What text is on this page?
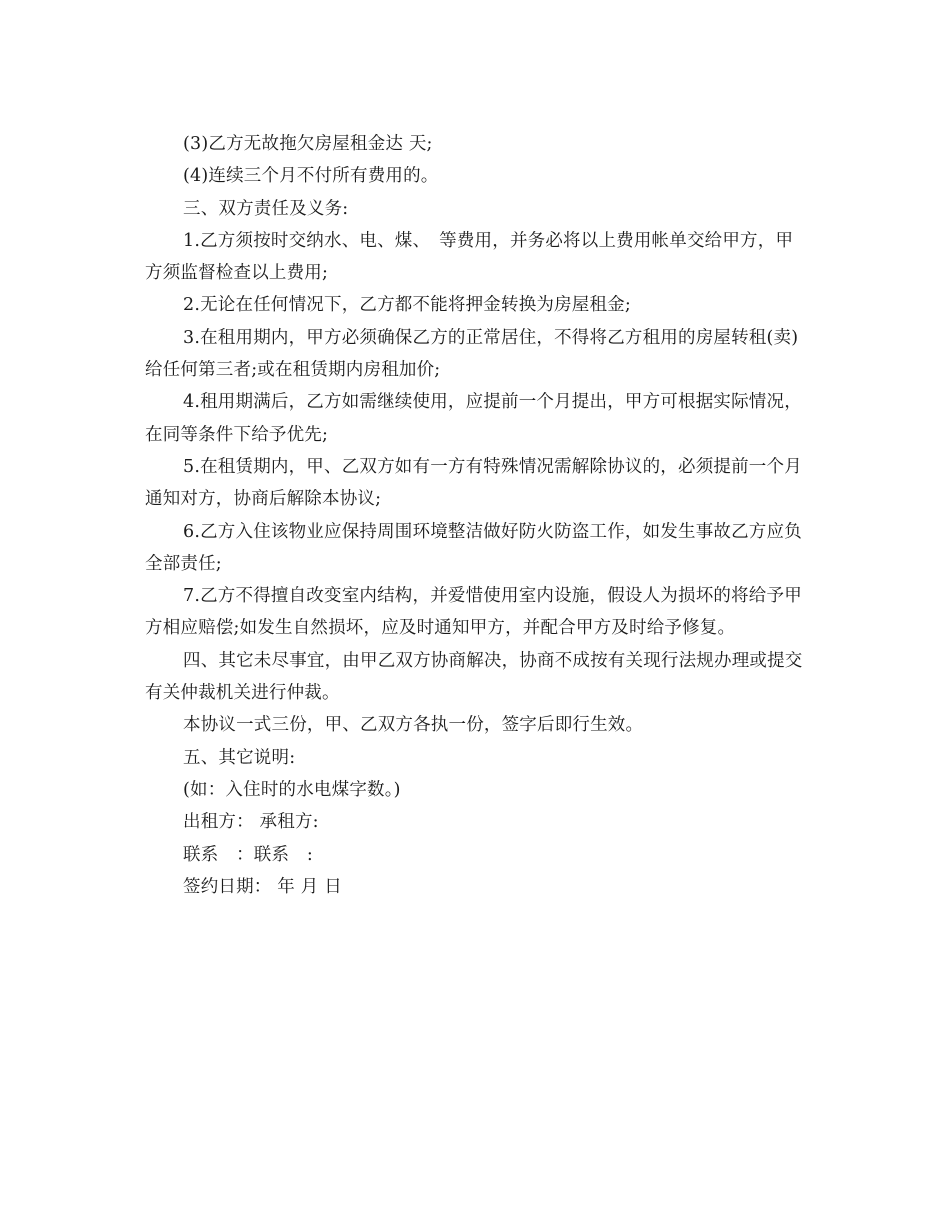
(3)乙方无故拖欠房屋租金达 天;

(4)连续三个月不付所有费用的。

三、双方责任及义务:

1.乙方须按时交纳水、电、煤、　等费用，并务必将以上费用帐单交给甲方，甲方须监督检查以上费用;

2.无论在任何情况下，乙方都不能将押金转换为房屋租金;

3.在租用期内，甲方必须确保乙方的正常居住，不得将乙方租用的房屋转租(卖)给任何第三者;或在租赁期内房租加价;

4.租用期满后，乙方如需继续使用，应提前一个月提出，甲方可根据实际情况，在同等条件下给予优先;

5.在租赁期内，甲、乙双方如有一方有特殊情况需解除协议的，必须提前一个月通知对方，协商后解除本协议;

6.乙方入住该物业应保持周围环境整洁做好防火防盗工作，如发生事故乙方应负全部责任;

7.乙方不得擅自改变室内结构，并爱惜使用室内设施，假设人为损坏的将给予甲方相应赔偿;如发生自然损坏，应及时通知甲方，并配合甲方及时给予修复。

四、其它未尽事宜，由甲乙双方协商解决，协商不成按有关现行法规办理或提交有关仲裁机关进行仲裁。

本协议一式三份，甲、乙双方各执一份，签字后即行生效。

五、其它说明:

(如：入住时的水电煤字数。)

出租方： 承租方:

联系　：联系　:

签约日期： 年 月 日
